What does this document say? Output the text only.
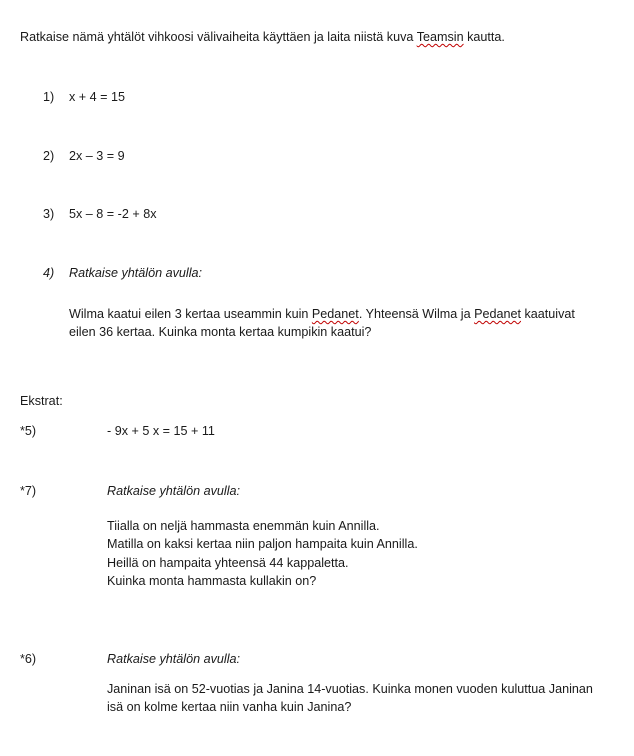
Ratkaise nämä yhtälöt vihkoosi välivaiheita käyttäen ja laita niistä kuva Teamsin kautta.
1) x + 4 = 15
2) 2x – 3 = 9
3) 5x – 8 = -2 + 8x
4) Ratkaise yhtälön avulla:
Wilma kaatui eilen 3 kertaa useammin kuin Pedanet. Yhteensä Wilma ja Pedanet kaatuivat
eilen 36 kertaa. Kuinka monta kertaa kumpikin kaatui?
Ekstrat:
*5)	- 9x + 5 x = 15 + 11
*7)	Ratkaise yhtälön avulla:
Tiialla on neljä hammasta enemmän kuin Annilla.
Matilla on kaksi kertaa niin paljon hampaita kuin Annilla.
Heillä on hampaita yhteensä 44 kappaletta.
Kuinka monta hammasta kullakin on?
*6)	Ratkaise yhtälön avulla:
Janinan isä on 52-vuotias ja Janina 14-vuotias. Kuinka monen vuoden kuluttua Janinan
isä on kolme kertaa niin vanha kuin Janina?
